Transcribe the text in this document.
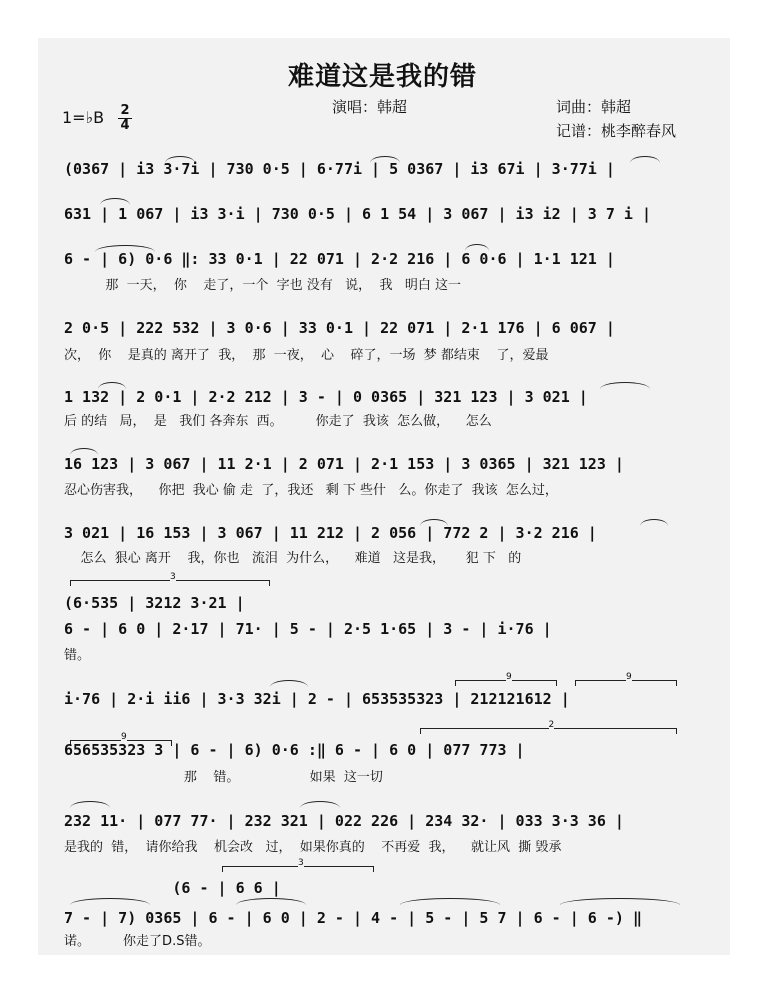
难道这是我的错
演唱：韩超	词曲：韩超
记谱：桃李醉春风
1=♭B 2
4
3
9	9
9
2
3
(0367 | i3 3·7i | 730 0·5 | 6·77i | 5 0367 | i3 67i | 3·77i |
631 | 1 067 | i3 3·i | 730 0·5 | 6 1 54 | 3 067 | i3 i2 | 3 7 i |
6 - | 6) 0·6 ‖: 33 0·1 | 22 071 | 2·2 216 | 6 0·6 | 1·1 121 |
那  一天，  你    走了，一个  字也 没有   说，  我   明白 这一
2 0·5 | 222 532 | 3 0·6 | 33 0·1 | 22 071 | 2·1 176 | 6 067 |
次，  你    是真的 离开了  我，  那  一夜，  心    碎了，一场  梦 都结束    了，爱最
1 132 | 2 0·1 | 2·2 212 | 3 - | 0 0365 | 321 123 | 3 021 |
后 的结   局，  是   我们 各奔东  西。        你走了  我该  怎么做，    怎么
16 123 | 3 067 | 11 2·1 | 2 071 | 2·1 153 | 3 0365 | 321 123 |
忍心伤害我，    你把  我心 偷 走  了，我还   剩 下 些什   么。你走了  我该  怎么过，
3 021 | 16 153 | 3 067 | 11 212 | 2 056 | 772 2 | 3·2 216 |
怎么  狠心 离开    我，你也   流泪  为什么，    难道   这是我，     犯 下   的
(6·535 | 3212 3·21 |
6 - | 6 0 | 2·17 | 71· | 5 - | 2·5 1·65 | 3 - | i·76 |
错。
i·76 | 2·i ii6 | 3·3 32i | 2 - | 653535323 | 212121612 |
656535323 3 | 6 - | 6) 0·6 :‖ 6 - | 6 0 | 077 773 |
那    错。                 如果  这一切
232 11· | 077 77· | 232 321 | 022 226 | 234 32· | 033 3·3 36 |
是我的  错，  请你给我    机会改   过，  如果你真的    不再爱  我，    就让风  撕 毁承
(6 - | 6 6 |
7 - | 7) 0365 | 6 - | 6 0 | 2 - | 4 - | 5 - | 5 7 | 6 - | 6 -) ‖
诺。        你走了D.S错。
